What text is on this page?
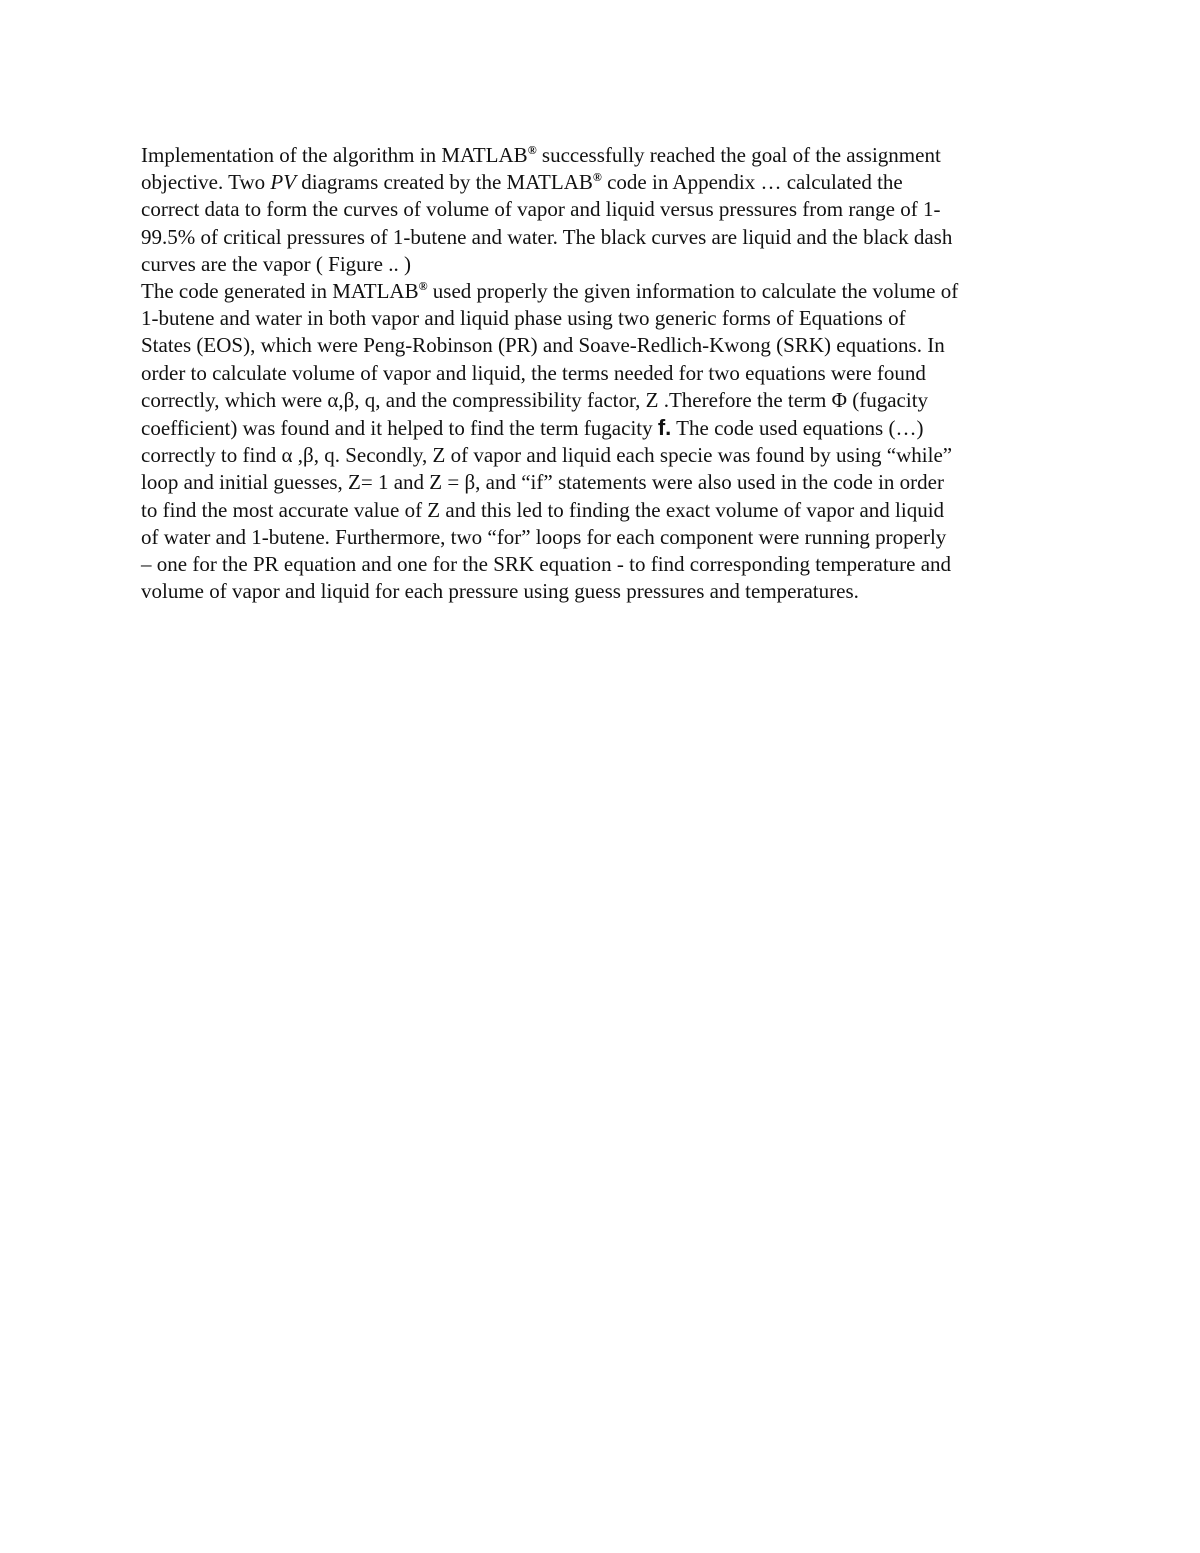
Implementation of the algorithm in MATLAB® successfully reached the goal of the assignment
objective. Two PV diagrams created by the MATLAB® code in Appendix … calculated the
correct data to form the curves of volume of vapor and liquid versus pressures from range of 1-
99.5% of critical pressures of 1-butene and water. The black curves are liquid and the black dash
curves are the vapor ( Figure .. )

The code generated in MATLAB® used properly the given information to calculate the volume of
1-butene and water in both vapor and liquid phase using two generic forms of Equations of
States (EOS), which were Peng-Robinson (PR) and Soave-Redlich-Kwong (SRK) equations. In
order to calculate volume of vapor and liquid, the terms needed for two equations were found
correctly, which were α,β, q, and the compressibility factor, Z .Therefore the term Φ (fugacity
coefficient) was found and it helped to find the term fugacity f. The code used equations (…)
correctly to find α ,β, q. Secondly, Z of vapor and liquid each specie was found by using “while”
loop and initial guesses, Z= 1 and Z = β, and “if” statements were also used in the code in order
to find the most accurate value of Z and this led to finding the exact volume of vapor and liquid
of water and 1-butene. Furthermore, two “for” loops for each component were running properly
– one for the PR equation and one for the SRK equation - to find corresponding temperature and
volume of vapor and liquid for each pressure using guess pressures and temperatures.
